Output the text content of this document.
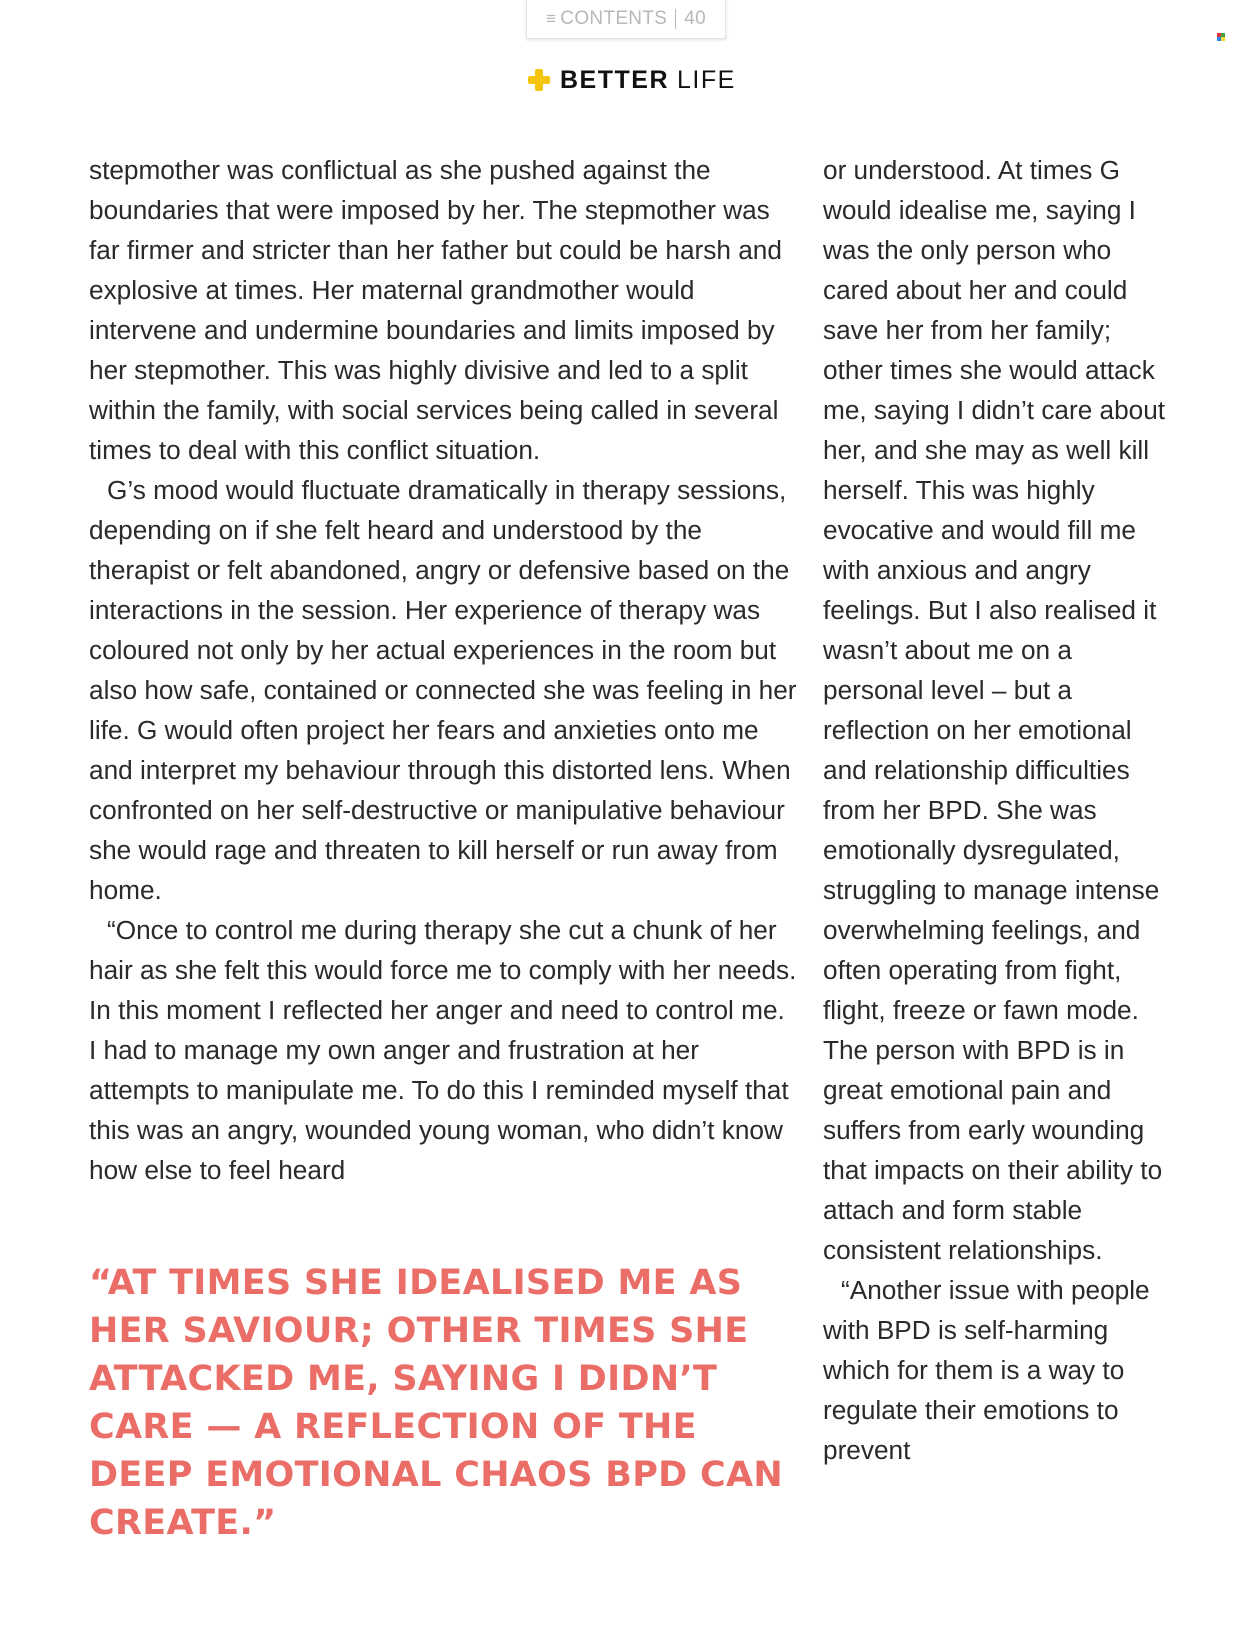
≡ CONTENTS 40
BETTER LIFE

stepmother was conflictual as she pushed against the boundaries that were imposed by her. The stepmother was far firmer and stricter than her father but could be harsh and explosive at times. Her maternal grandmother would intervene and undermine boundaries and limits imposed by her stepmother. This was highly divisive and led to a split within the family, with social services being called in several times to deal with this conflict situation.

G’s mood would fluctuate dramatically in therapy sessions, depending on if she felt heard and understood by the therapist or felt abandoned, angry or defensive based on the interactions in the session. Her experience of therapy was coloured not only by her actual experiences in the room but also how safe, contained or connected she was feeling in her life. G would often project her fears and anxieties onto me and interpret my behaviour through this distorted lens. When confronted on her self-destructive or manipulative behaviour she would rage and threaten to kill herself or run away from home.

“Once to control me during therapy she cut a chunk of her hair as she felt this would force me to comply with her needs. In this moment I reflected her anger and need to control me. I had to manage my own anger and frustration at her attempts to manipulate me. To do this I reminded myself that this was an angry, wounded young woman, who didn’t know how else to feel heard

“AT TIMES SHE IDEALISED ME AS HER SAVIOUR; OTHER TIMES SHE ATTACKED ME, SAYING I DIDN’T CARE — A REFLECTION OF THE DEEP EMOTIONAL CHAOS BPD CAN CREATE.”

or understood. At times G would idealise me, saying I was the only person who cared about her and could save her from her family; other times she would attack me, saying I didn’t care about her, and she may as well kill herself. This was highly evocative and would fill me with anxious and angry feelings. But I also realised it wasn’t about me on a personal level – but a reflection on her emotional and relationship difficulties from her BPD. She was emotionally dysregulated, struggling to manage intense overwhelming feelings, and often operating from fight, flight, freeze or fawn mode. The person with BPD is in great emotional pain and suffers from early wounding that impacts on their ability to attach and form stable consistent relationships.

“Another issue with people with BPD is self-harming which for them is a way to regulate their emotions to prevent
